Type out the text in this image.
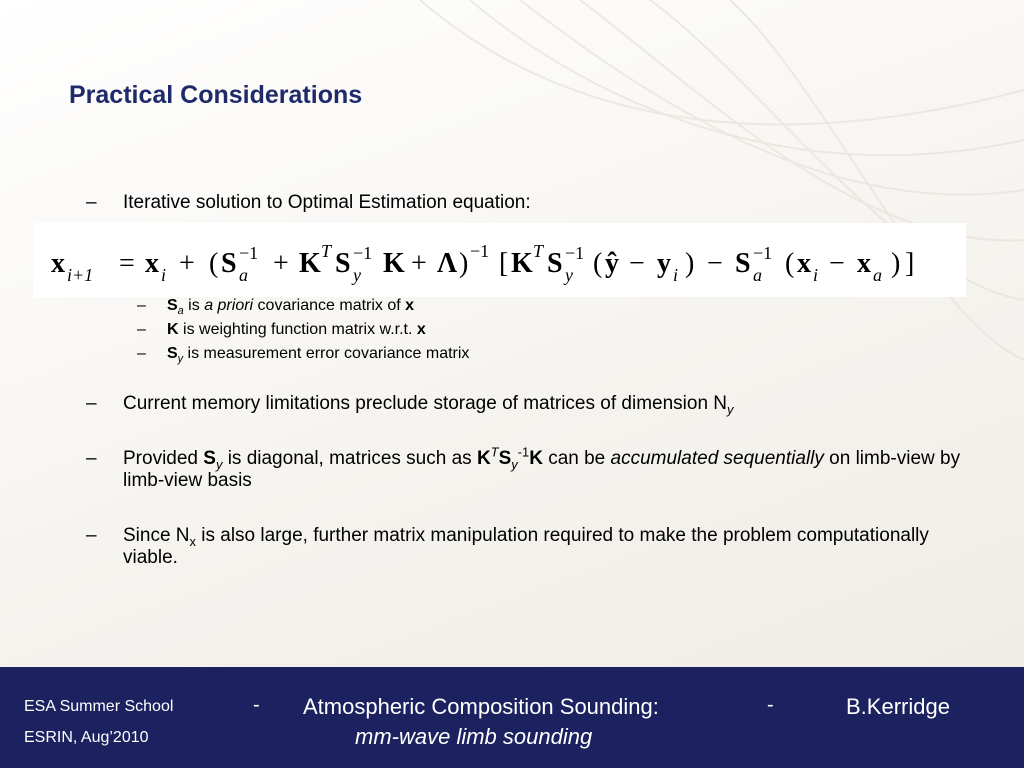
Practical Considerations
– Iterative solution to Optimal Estimation equation:
x i+1 = x i + ( S −1
a + K T S −1
y K + Λ ) −1 [ K T S −1
y ( ŷ − y i ) − S −1
a ( x i − x a ) ]
– $S_a$ is a priori covariance matrix of x
– K is weighting function matrix w.r.t. x
– $S_y$ is measurement error covariance matrix
– Current memory limitations preclude storage of matrices of dimension $N_y$
– Provided $S_y$ is diagonal, matrices such as $K^TS_y^{-1}K$ can be accumulated sequentially on limb-view by limb-view basis
– Since $N_x$ is also large, further matrix manipulation required to make the problem computationally viable.
ESA Summer School
ESRIN, Aug’2010
- Atmospheric Composition Sounding:	-	B.Kerridge
mm-wave limb sounding
